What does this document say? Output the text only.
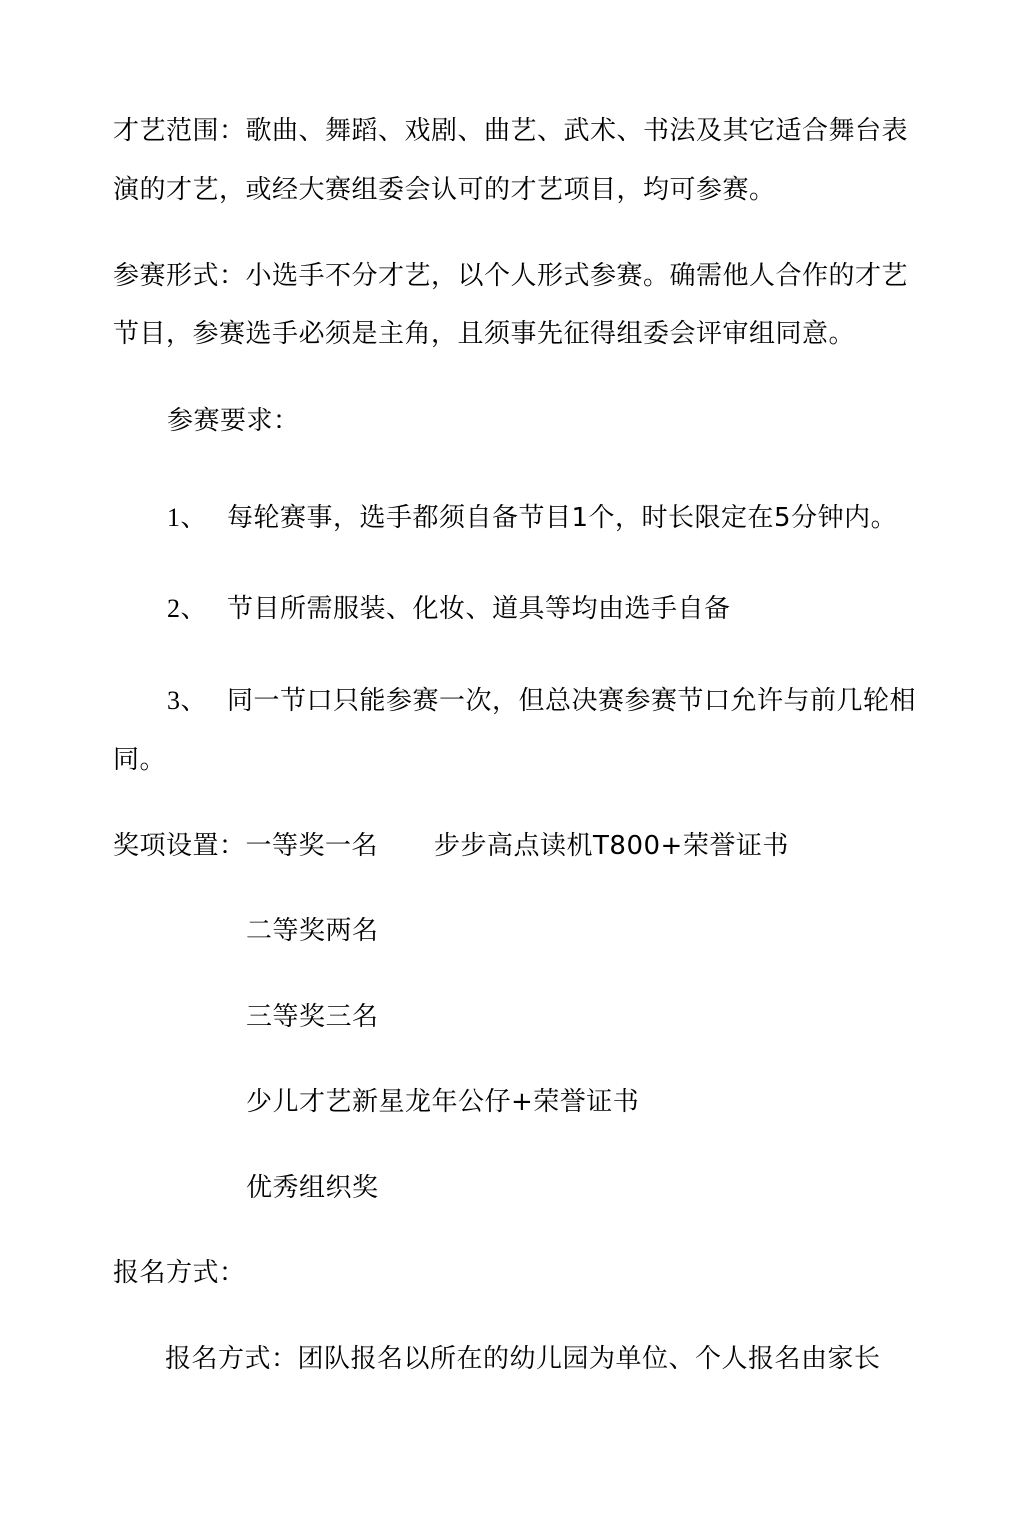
才艺范围：歌曲、舞蹈、戏剧、曲艺、武术、书法及其它适合舞台表
演的才艺，或经大赛组委会认可的才艺项目，均可参赛。
参赛形式：小选手不分才艺，以个人形式参赛。确需他人合作的才艺
节目，参赛选手必须是主角，且须事先征得组委会评审组同意。
参赛要求：
1、 每轮赛事，选手都须自备节目1个，时长限定在5分钟内。
2、 节目所需服装、化妆、道具等均由选手自备
3、 同一节口只能参赛一次，但总决赛参赛节口允许与前几轮相
同。
奖项设置：一等奖一名 步步高点读机T800+荣誉证书
二等奖两名
三等奖三名
少儿才艺新星龙年公仔+荣誉证书
优秀组织奖
报名方式：
报名方式：团队报名以所在的幼儿园为单位、个人报名由家长
